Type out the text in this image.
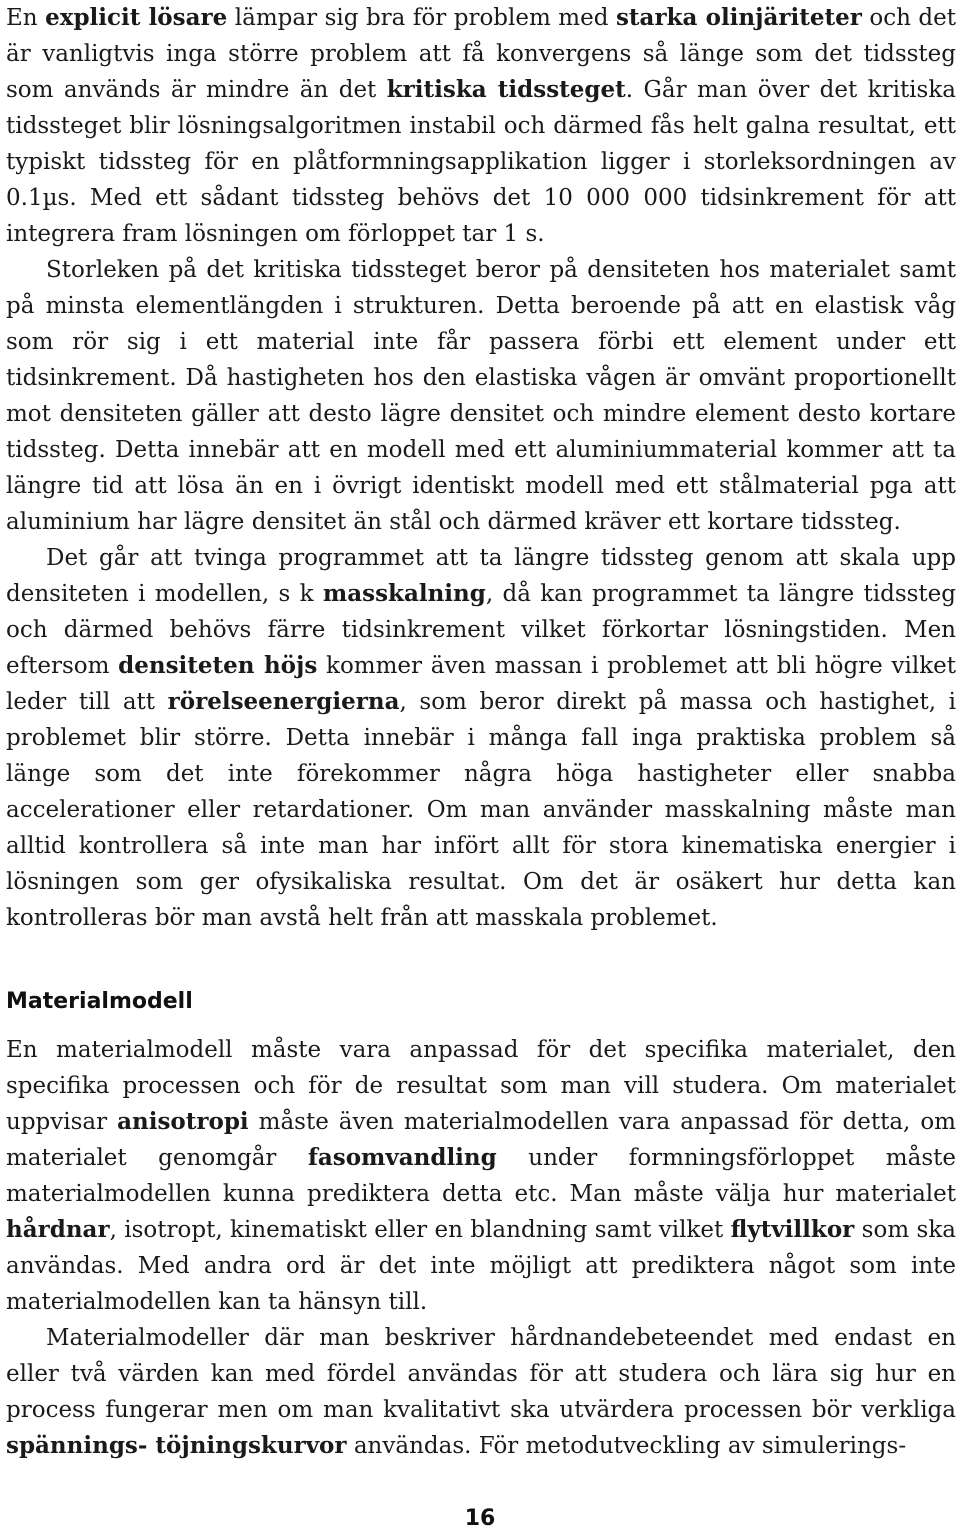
En explicit lösare lämpar sig bra för problem med starka olinjäriteter och det är vanligtvis inga större problem att få konvergens så länge som det tidssteg som används är mindre än det kritiska tidssteget. Går man över det kritiska tidssteget blir lösningsalgoritmen instabil och därmed fås helt galna resultat, ett typiskt tidssteg för en plåtformningsapplikation ligger i storleksordningen av 0.1µs. Med ett sådant tidssteg behövs det 10 000 000 tidsinkrement för att integrera fram lösningen om förloppet tar 1 s.

Storleken på det kritiska tidssteget beror på densiteten hos materialet samt på minsta elementlängden i strukturen. Detta beroende på att en elastisk våg som rör sig i ett material inte får passera förbi ett element under ett tidsinkrement. Då hastigheten hos den elastiska vågen är omvänt proportionellt mot densiteten gäller att desto lägre densitet och mindre element desto kortare tidssteg. Detta innebär att en modell med ett aluminiummaterial kommer att ta längre tid att lösa än en i övrigt identiskt modell med ett stålmaterial pga att aluminium har lägre densitet än stål och därmed kräver ett kortare tidssteg.

Det går att tvinga programmet att ta längre tidssteg genom att skala upp densiteten i modellen, s k masskalning, då kan programmet ta längre tidssteg och därmed behövs färre tidsinkrement vilket förkortar lösningstiden. Men eftersom densiteten höjs kommer även massan i problemet att bli högre vilket leder till att rörelseenergierna, som beror direkt på massa och hastighet, i problemet blir större. Detta innebär i många fall inga praktiska problem så länge som det inte förekommer några höga hastigheter eller snabba accelerationer eller retardationer. Om man använder masskalning måste man alltid kontrollera så inte man har infört allt för stora kinematiska energier i lösningen som ger ofysikaliska resultat. Om det är osäkert hur detta kan kontrolleras bör man avstå helt från att masskala problemet.

Materialmodell

En materialmodell måste vara anpassad för det specifika materialet, den specifika processen och för de resultat som man vill studera. Om materialet uppvisar anisotropi måste även materialmodellen vara anpassad för detta, om materialet genomgår fasomvandling under formningsförloppet måste materialmodellen kunna prediktera detta etc. Man måste välja hur materialet hårdnar, isotropt, kinematiskt eller en blandning samt vilket flytvillkor som ska användas. Med andra ord är det inte möjligt att prediktera något som inte materialmodellen kan ta hänsyn till.

Materialmodeller där man beskriver hårdnandebeteendet med endast en eller två värden kan med fördel användas för att studera och lära sig hur en process fungerar men om man kvalitativt ska utvärdera processen bör verkliga spännings- töjningskurvor användas. För metodutveckling av simulerings-

16
